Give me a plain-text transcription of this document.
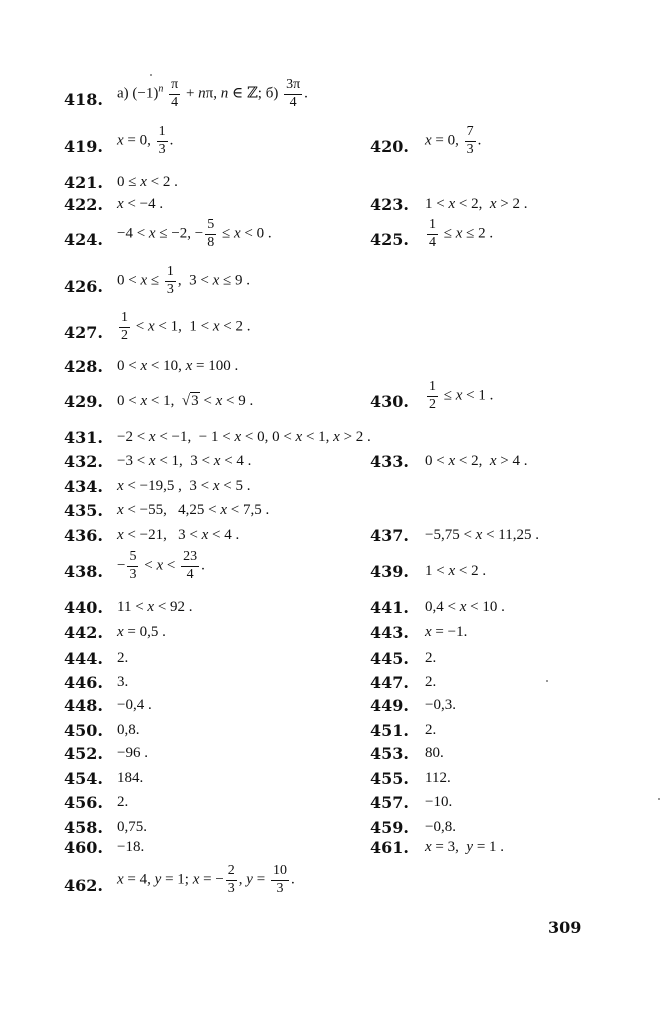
418. а) $(-1)^n \frac{\pi}{4} + n\pi$, n ∈ ℤ; $б) \frac{3\pi}{4}$ .
419. x = 0, $\frac{1}{3}$ .	420. x = 0, $\frac{7}{3}$ .
421. 0 ≤ x < 2 .
422. x < −4 .	423. 1 < x < 2,  x > 2 .
424. −4 < x ≤ −2, − $\frac{5}{8} \le x < 0$ .	425. $\frac{1}{4} \le x \le 2$ .
426. $0 < x \le \frac{1}{3}$ ,  3 < x ≤ 9 .
427. $\frac{1}{2} < x < 1$,  1 < x < 2 .
428. 0 < x < 10, x = 100 .
429. 0 < x < 1,  √3 < x < 9 .	430. $\frac{1}{2} \le x < 1$ .
431. −2 < x < −1,  − 1 < x < 0, 0 < x < 1, x > 2 .
432. −3 < x < 1,  3 < x < 4 .	433. 0 < x < 2,  x > 4 .
434. x < −19,5 ,  3 < x < 5 .
435. x < −55,   4,25 < x < 7,5 .
436. x < −21,   3 < x < 4 .	437. −5,75 < x < 11,25 .
438. − $\frac{5}{3} < x < \frac{23}{4}$ .	439. 1 < x < 2 .
440. 11 < x < 92 .	441. 0,4 < x < 10 .
442. x = 0,5 .	443. x = −1.
444. 2.	445. 2.
446. 3.	447. 2.
448. −0,4 .	449. −0,3.
450. 0,8.	451. 2.
452. −96 .	453. 80.
454. 184.	455. 112.
456. 2.	457. −10.
458. 0,75.	459. −0,8.
460. −18.	461. x = 3,  y = 1 .
462. x = 4, y = 1; x = − $\frac{2}{3}$ , $y = \frac{10}{3}$ .
309
